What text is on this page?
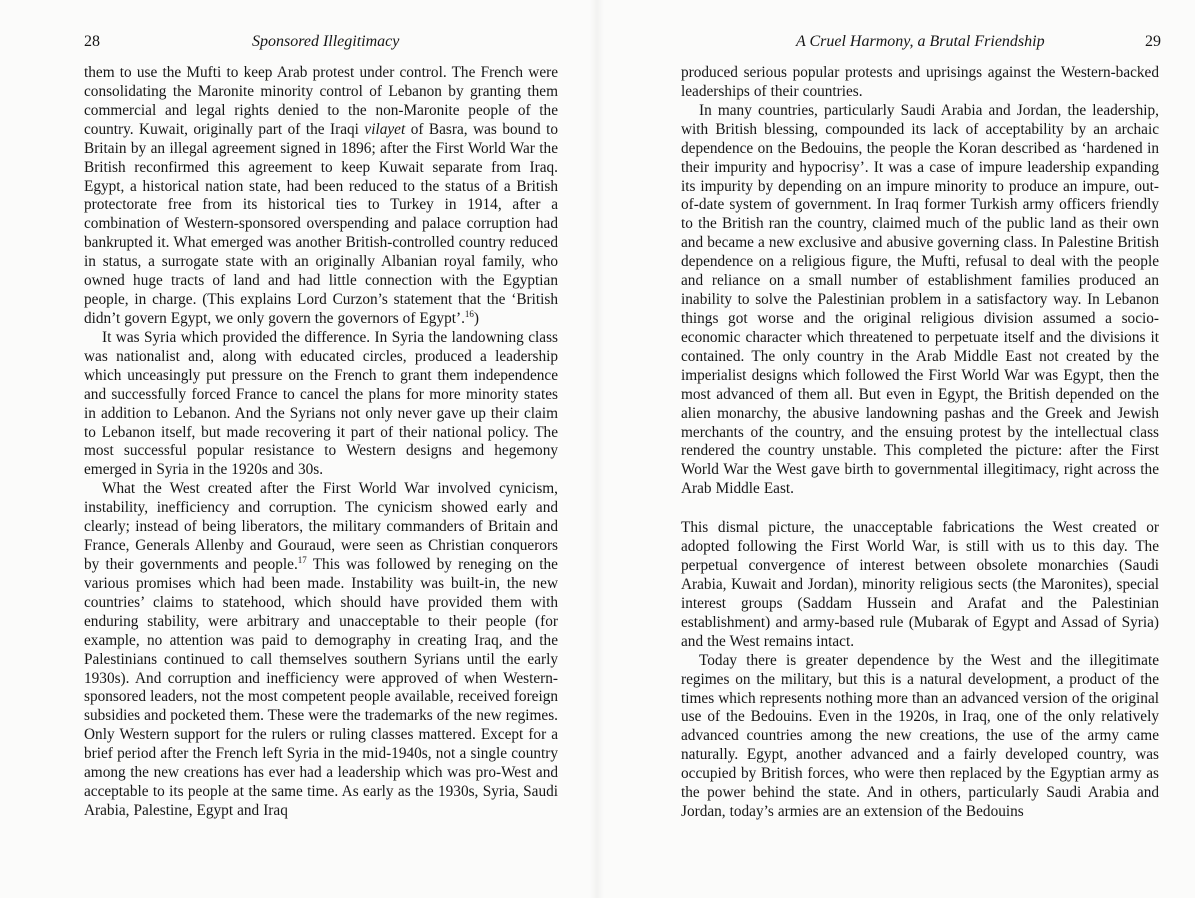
28	Sponsored Illegitimacy

them to use the Mufti to keep Arab protest under control. The French were consolidating the Maronite minority control of Lebanon by granting them commercial and legal rights denied to the non-Maronite people of the country. Kuwait, originally part of the Iraqi vilayet of Basra, was bound to Britain by an illegal agreement signed in 1896; after the First World War the British reconfirmed this agreement to keep Kuwait separate from Iraq. Egypt, a historical nation state, had been reduced to the status of a British protectorate free from its historical ties to Turkey in 1914, after a combination of Western-sponsored overspending and palace corruption had bankrupted it. What emerged was another British-controlled country reduced in status, a surrogate state with an originally Albanian royal family, who owned huge tracts of land and had little connection with the Egyptian people, in charge. (This explains Lord Curzon’s statement that the ‘British didn’t govern Egypt, we only govern the governors of Egypt’.$^{16}$)

It was Syria which provided the difference. In Syria the landowning class was nationalist and, along with educated circles, produced a leadership which unceasingly put pressure on the French to grant them independence and successfully forced France to cancel the plans for more minority states in addition to Lebanon. And the Syrians not only never gave up their claim to Lebanon itself, but made recovering it part of their national policy. The most successful popular resistance to Western designs and hegemony emerged in Syria in the 1920s and 30s.

What the West created after the First World War involved cynicism, instability, inefficiency and corruption. The cynicism showed early and clearly; instead of being liberators, the military commanders of Britain and France, Generals Allenby and Gouraud, were seen as Christian conquerors by their governments and people.$^{17}$ This was followed by reneging on the various promises which had been made. Instability was built-in, the new countries’ claims to statehood, which should have provided them with enduring stability, were arbitrary and unacceptable to their people (for example, no attention was paid to demography in creating Iraq, and the Palestinians continued to call themselves southern Syrians until the early 1930s). And corruption and inefficiency were approved of when Western-sponsored leaders, not the most competent people available, received foreign subsidies and pocketed them. These were the trademarks of the new regimes. Only Western support for the rulers or ruling classes mattered. Except for a brief period after the French left Syria in the mid-1940s, not a single country among the new creations has ever had a leadership which was pro-West and acceptable to its people at the same time. As early as the 1930s, Syria, Saudi Arabia, Palestine, Egypt and Iraq

A Cruel Harmony, a Brutal Friendship	29

produced serious popular protests and uprisings against the Western-backed leaderships of their countries.

In many countries, particularly Saudi Arabia and Jordan, the leadership, with British blessing, compounded its lack of acceptability by an archaic dependence on the Bedouins, the people the Koran described as ‘hardened in their impurity and hypocrisy’. It was a case of impure leadership expanding its impurity by depending on an impure minority to produce an impure, out-of-date system of government. In Iraq former Turkish army officers friendly to the British ran the country, claimed much of the public land as their own and became a new exclusive and abusive governing class. In Palestine British dependence on a religious figure, the Mufti, refusal to deal with the people and reliance on a small number of establishment families produced an inability to solve the Palestinian problem in a satisfactory way. In Lebanon things got worse and the original religious division assumed a socio-economic character which threatened to perpetuate itself and the divisions it contained. The only country in the Arab Middle East not created by the imperialist designs which followed the First World War was Egypt, then the most advanced of them all. But even in Egypt, the British depended on the alien monarchy, the abusive landowning pashas and the Greek and Jewish merchants of the country, and the ensuing protest by the intellectual class rendered the country unstable. This completed the picture: after the First World War the West gave birth to governmental illegitimacy, right across the Arab Middle East.

This dismal picture, the unacceptable fabrications the West created or adopted following the First World War, is still with us to this day. The perpetual convergence of interest between obsolete monarchies (Saudi Arabia, Kuwait and Jordan), minority religious sects (the Maronites), special interest groups (Saddam Hussein and Arafat and the Palestinian establishment) and army-based rule (Mubarak of Egypt and Assad of Syria) and the West remains intact.

Today there is greater dependence by the West and the illegitimate regimes on the military, but this is a natural development, a product of the times which represents nothing more than an advanced version of the original use of the Bedouins. Even in the 1920s, in Iraq, one of the only relatively advanced countries among the new creations, the use of the army came naturally. Egypt, another advanced and a fairly developed country, was occupied by British forces, who were then replaced by the Egyptian army as the power behind the state. And in others, particularly Saudi Arabia and Jordan, today’s armies are an extension of the Bedouins
